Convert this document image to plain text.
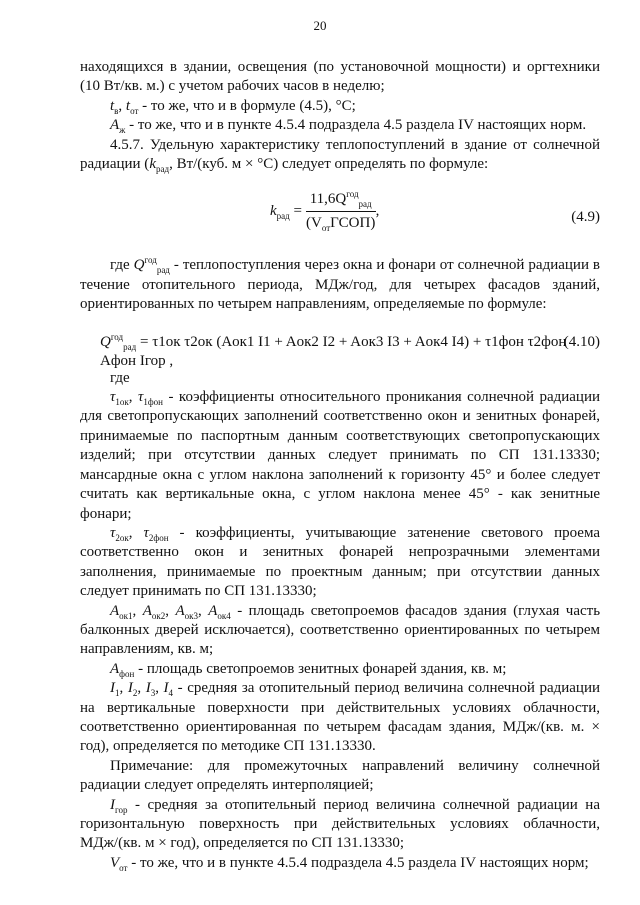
20

находящихся в здании, освещения (по установочной мощности) и оргтехники (10 Вт/кв. м.) с учетом рабочих часов в неделю;

$t_в$, $t_{от}$ - то же, что и в формуле (4.5), °С;

$A_ж$ - то же, что и в пункте 4.5.4 подраздела 4.5 раздела IV настоящих норм.

4.5.7. Удельную характеристику теплопоступлений в здание от солнечной радиации ($k_{рад}$, Вт/(куб. м × °С) следует определять по формуле:

$k_{рад} = \frac{11,6Q^{год}_{рад}}{(V_{от}ГСОП)}$ ,	(4.9)

где $Q^{год}_{рад}$ - теплопоступления через окна и фонари от солнечной радиации в течение отопительного периода, МДж/год, для четырех фасадов зданий, ориентированных по четырем направлениям, определяемые по формуле:

$Q^{год}_{рад} = \tau 1ок$ τ2ок (Aок1 I1 + Aок2 I2 + Aок3 I3 + Aок4 I4) + τ1фон τ2фон Aфон Iгор ,
(4.10)

где

$\tau_{1ок}$, $\tau_{1фон}$ - коэффициенты относительного проникания солнечной радиации для светопропускающих заполнений соответственно окон и зенитных фонарей, принимаемые по паспортным данным соответствующих светопропускающих изделий; при отсутствии данных следует принимать по СП 131.13330; мансардные окна с углом наклона заполнений к горизонту 45° и более следует считать как вертикальные окна, с углом наклона менее 45° - как зенитные фонари;

$\tau_{2ок}$, $\tau_{2фон}$ - коэффициенты, учитывающие затенение светового проема соответственно окон и зенитных фонарей непрозрачными элементами заполнения, принимаемые по проектным данным; при отсутствии данных следует принимать по СП 131.13330;

$A_{ок1}$, $A_{ок2}$, $A_{ок3}$, $A_{ок4}$ - площадь светопроемов фасадов здания (глухая часть балконных дверей исключается), соответственно ориентированных по четырем направлениям, кв. м;

$A_{фон}$ - площадь светопроемов зенитных фонарей здания, кв. м;

$I_1$, $I_2$, $I_3$, $I_4$ - средняя за отопительный период величина солнечной радиации на вертикальные поверхности при действительных условиях облачности, соответственно ориентированная по четырем фасадам здания, МДж/(кв. м. × год), определяется по методике СП 131.13330.

Примечание: для промежуточных направлений величину солнечной радиации следует определять интерполяцией;

$I_{гор}$ - средняя за отопительный период величина солнечной радиации на горизонтальную поверхность при действительных условиях облачности, МДж/(кв. м × год), определяется по СП 131.13330;

$V_{от}$ - то же, что и в пункте 4.5.4 подраздела 4.5 раздела IV настоящих норм;
